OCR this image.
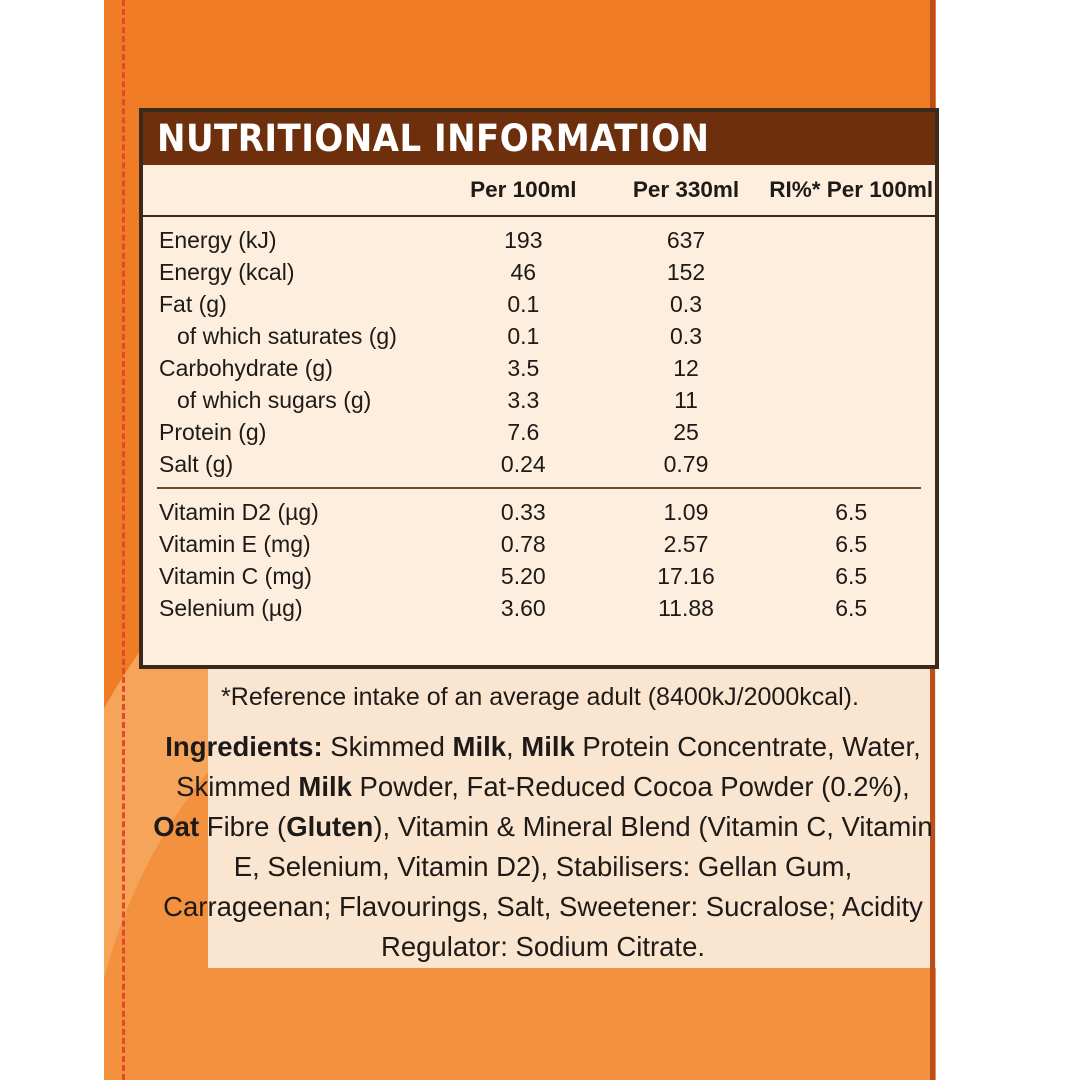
NUTRITIONAL INFORMATION
	Per 100ml	Per 330ml	RI%* Per 100ml
Energy (kJ)	193	637	
Energy (kcal)	46	152	
Fat (g)	0.1	0.3	
of which saturates (g)	0.1	0.3	
Carbohydrate (g)	3.5	12	
of which sugars (g)	3.3	11	
Protein (g)	7.6	25	
Salt (g)	0.24	0.79	

Vitamin D2 (µg)	0.33	1.09	6.5
Vitamin E (mg)	0.78	2.57	6.5
Vitamin C (mg)	5.20	17.16	6.5
Selenium (µg)	3.60	11.88	6.5
*Reference intake of an average adult (8400kJ/2000kcal).
Ingredients: Skimmed Milk, Milk Protein Concentrate, Water, Skimmed Milk Powder, Fat-Reduced Cocoa Powder (0.2%), Oat Fibre (Gluten), Vitamin & Mineral Blend (Vitamin C, Vitamin E, Selenium, Vitamin D2), Stabilisers: Gellan Gum, Carrageenan; Flavourings, Salt, Sweetener: Sucralose; Acidity Regulator: Sodium Citrate.
